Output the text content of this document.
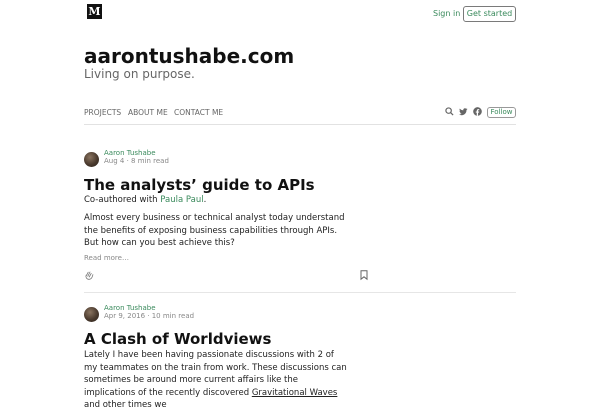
M	Sign in Get started
aarontushabe.com
Living on purpose.
PROJECTS ABOUT ME CONTACT ME	Follow
Aaron Tushabe
Aug 4 · 8 min read
The analysts’ guide to APIs
Co-authored with Paula Paul.
Almost every business or technical analyst today understand the benefits of exposing business capabilities through APIs. But how can you best achieve this?
Read more…
Aaron Tushabe
Apr 9, 2016 · 10 min read
A Clash of Worldviews
Lately I have been having passionate discussions with 2 of my teammates on the train from work. These discussions can sometimes be around more current affairs like the implications of the recently discovered Gravitational Waves and other times we
